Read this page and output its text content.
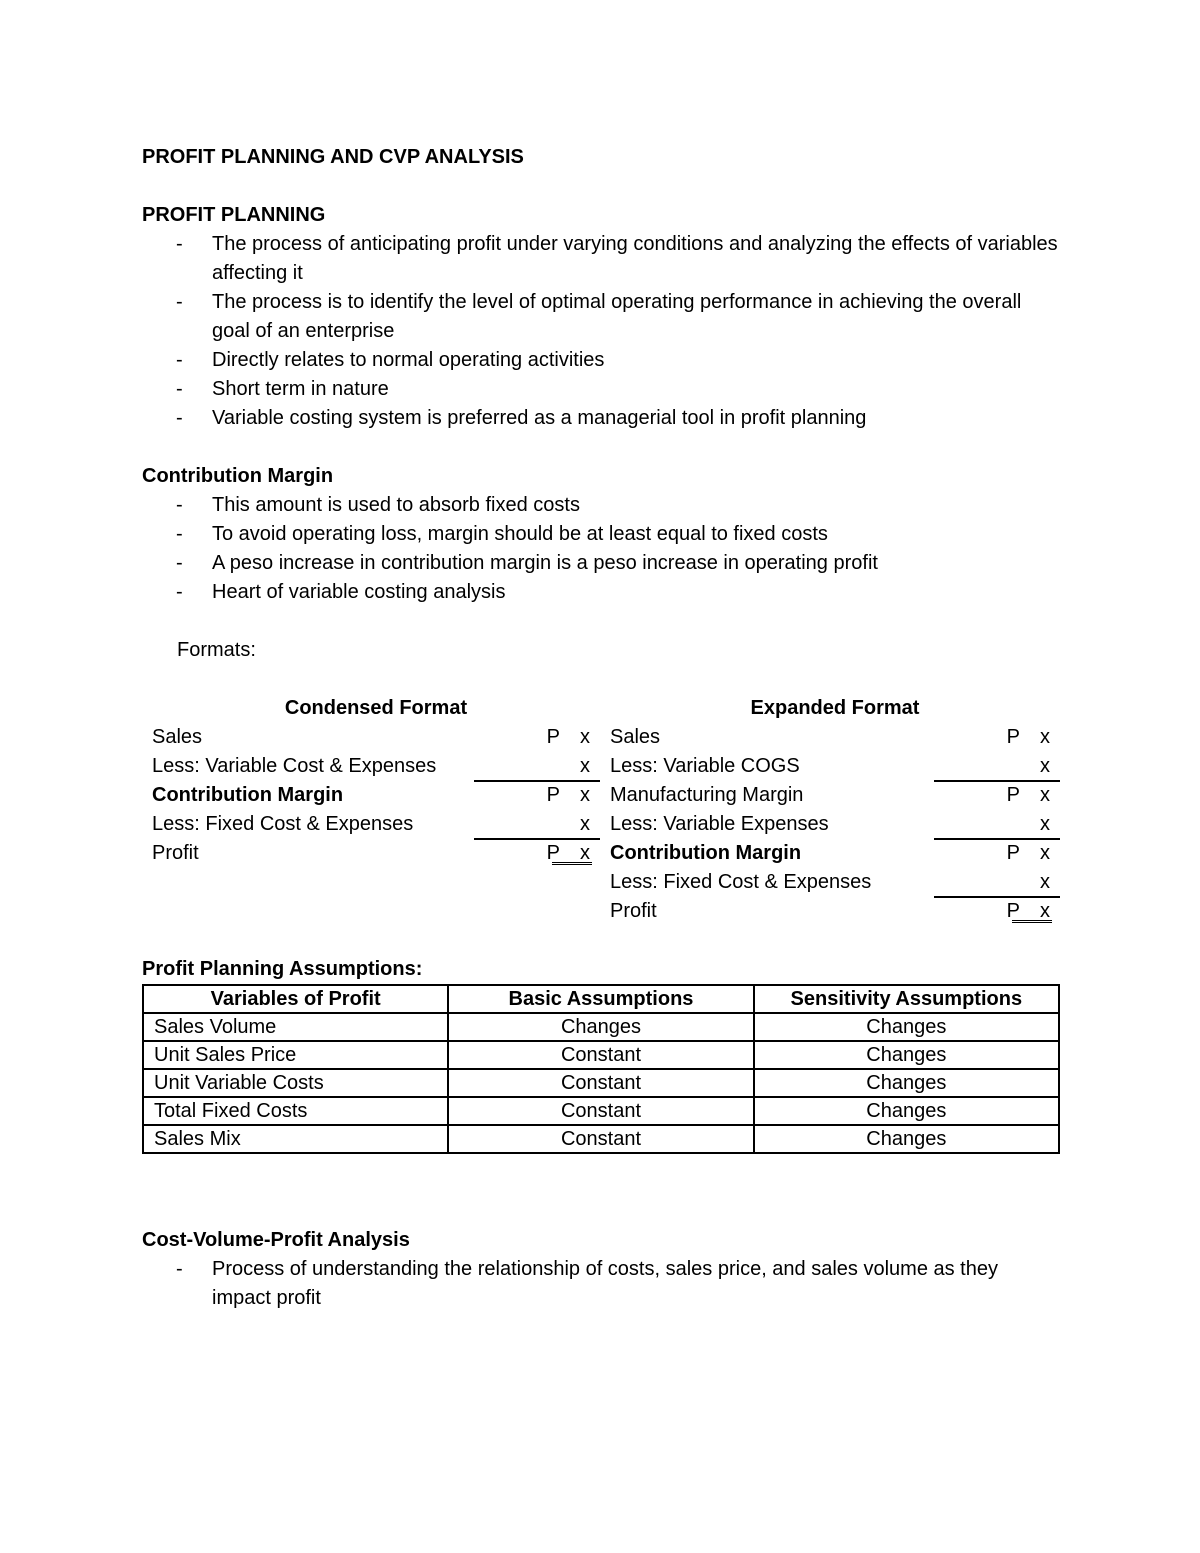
PROFIT PLANNING AND CVP ANALYSIS
PROFIT PLANNING
- The process of anticipating profit under varying conditions and analyzing the effects of variables affecting it
- The process is to identify the level of optimal operating performance in achieving the overall goal of an enterprise
- Directly relates to normal operating activities
- Short term in nature
- Variable costing system is preferred as a managerial tool in profit planning
Contribution Margin
- This amount is used to absorb fixed costs
- To avoid operating loss, margin should be at least equal to fixed costs
- A peso increase in contribution margin is a peso increase in operating profit
- Heart of variable costing analysis
Formats:
Condensed Format
Sales	P x
Less: Variable Cost & Expenses	x
Contribution Margin	P x
Less: Fixed Cost & Expenses	x
Profit	P x
Expanded Format
Sales	P x
Less: Variable COGS	x
Manufacturing Margin	P x
Less: Variable Expenses	x
Contribution Margin	P x
Less: Fixed Cost & Expenses	x
Profit	P x
Profit Planning Assumptions:
Variables of Profit	Basic Assumptions	Sensitivity Assumptions
Sales Volume	Changes	Changes
Unit Sales Price	Constant	Changes
Unit Variable Costs	Constant	Changes
Total Fixed Costs	Constant	Changes
Sales Mix	Constant	Changes
Cost-Volume-Profit Analysis
- Process of understanding the relationship of costs, sales price, and sales volume as they impact profit
